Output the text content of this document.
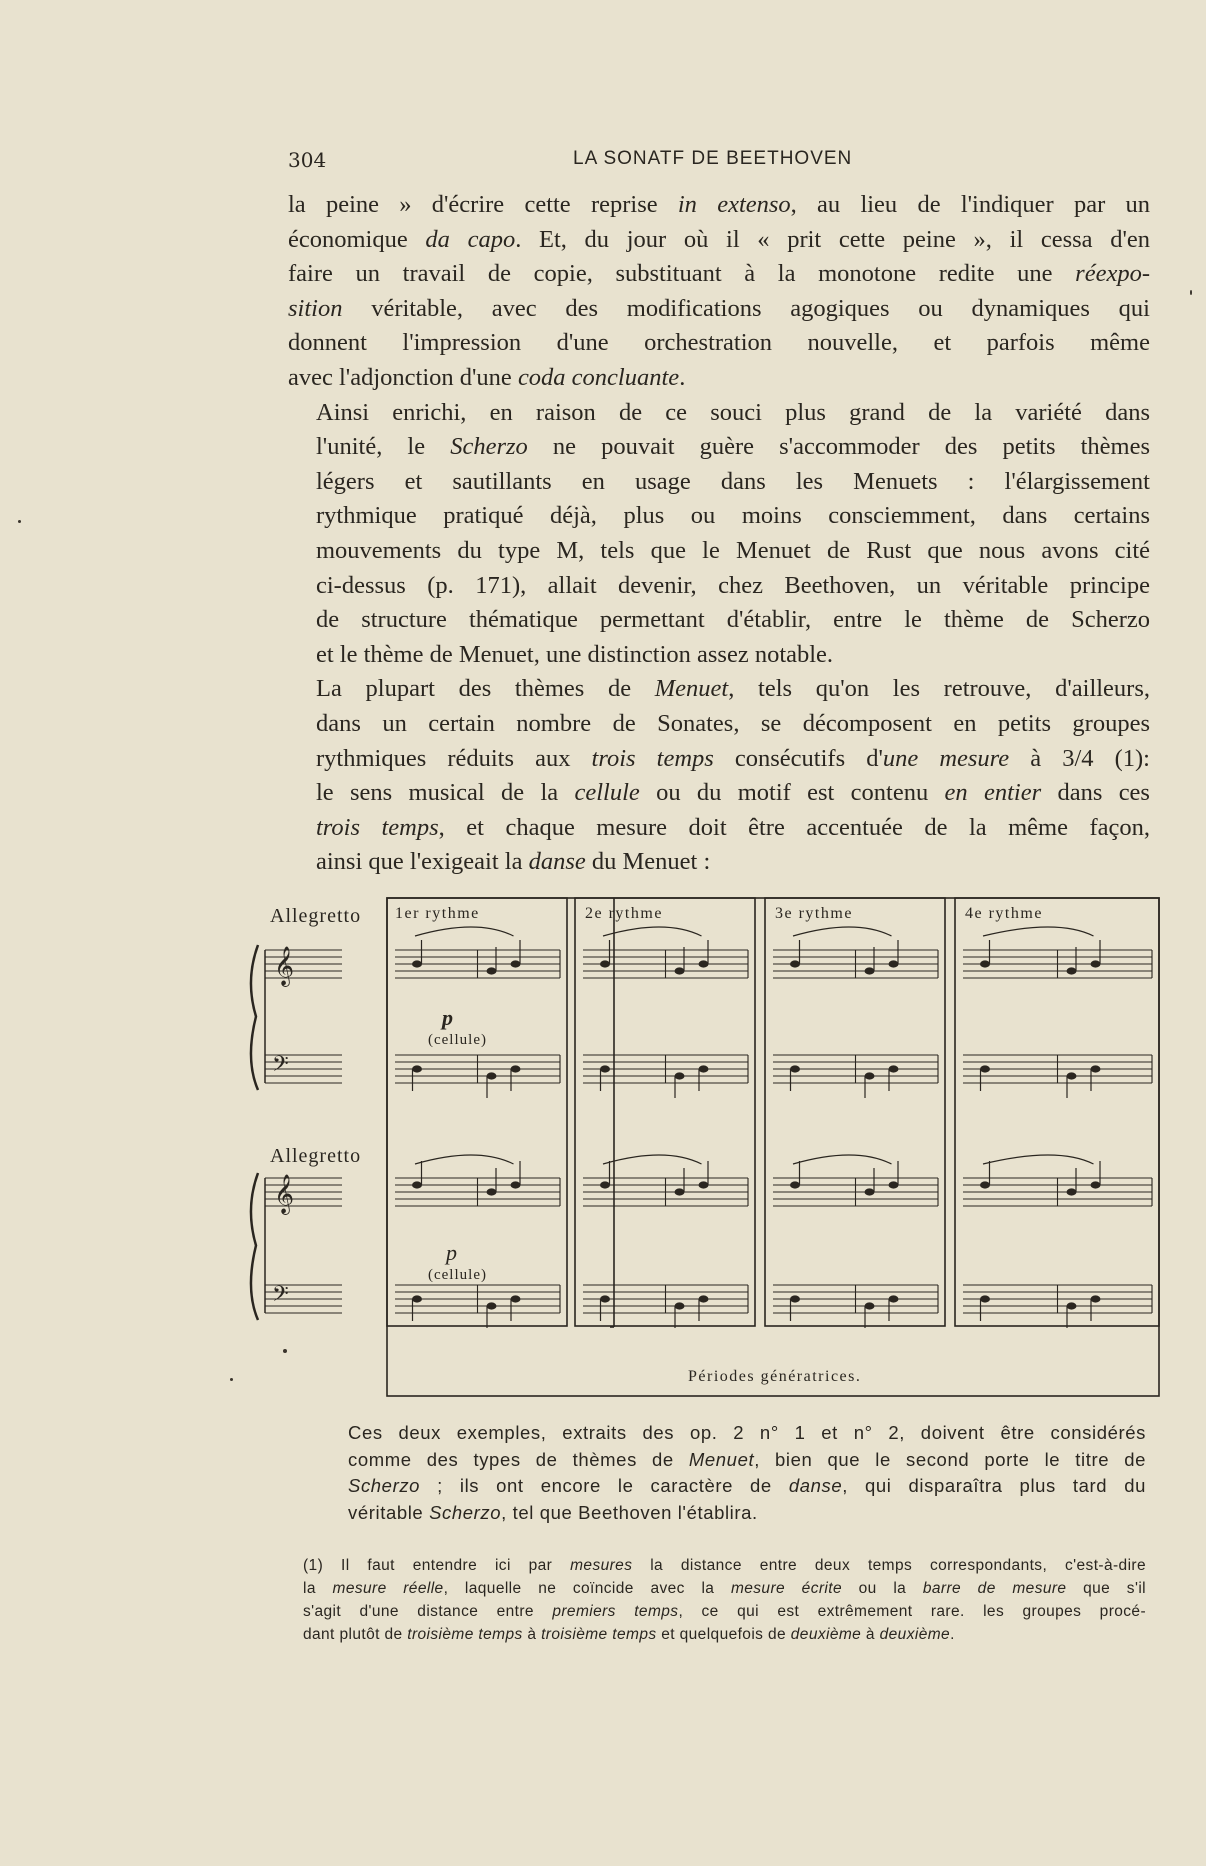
304	LA SONATF DE BEETHOVEN

la peine » d'écrire cette reprise in extenso, au lieu de l'indiquer par un
économique da capo. Et, du jour où il « prit cette peine », il cessa d'en
faire un travail de copie, substituant à la monotone redite une réexpo-
sition véritable, avec des modifications agogiques ou dynamiques qui
donnent l'impression d'une orchestration nouvelle, et parfois même
avec l'adjonction d'une coda concluante.

Ainsi enrichi, en raison de ce souci plus grand de la variété dans
l'unité, le Scherzo ne pouvait guère s'accommoder des petits thèmes
légers et sautillants en usage dans les Menuets : l'élargissement
rythmique pratiqué déjà, plus ou moins consciemment, dans certains
mouvements du type M, tels que le Menuet de Rust que nous avons cité
ci-dessus (p. 171), allait devenir, chez Beethoven, un véritable principe
de structure thématique permettant d'établir, entre le thème de Scherzo
et le thème de Menuet, une distinction assez notable.

La plupart des thèmes de Menuet, tels qu'on les retrouve, d'ailleurs,
dans un certain nombre de Sonates, se décomposent en petits groupes
rythmiques réduits aux trois temps consécutifs d'une mesure à 3/4 (1):
le sens musical de la cellule ou du motif est contenu en entier dans ces
trois temps, et chaque mesure doit être accentuée de la même façon,
ainsi que l'exigeait la danse du Menuet :

Allegretto
Allegretto
1er rythme	2e rythme	3e rythme	4e rythme
p
(cellule)
p
(cellule)
Périodes génératrices.
𝄞
𝄢
𝄞
𝄢
Ces deux exemples, extraits des op. 2 n° 1 et n° 2, doivent être considérés
comme des types de thèmes de Menuet, bien que le second porte le titre de
Scherzo ; ils ont encore le caractère de danse, qui disparaîtra plus tard du
véritable Scherzo, tel que Beethoven l'établira.
(1) Il faut entendre ici par mesures la distance entre deux temps correspondants, c'est-à-dire
la mesure réelle, laquelle ne coïncide avec la mesure écrite ou la barre de mesure que s'il
s'agit d'une distance entre premiers temps, ce qui est extrêmement rare. les groupes procé-
dant plutôt de troisième temps à troisième temps et quelquefois de deuxième à deuxième.
